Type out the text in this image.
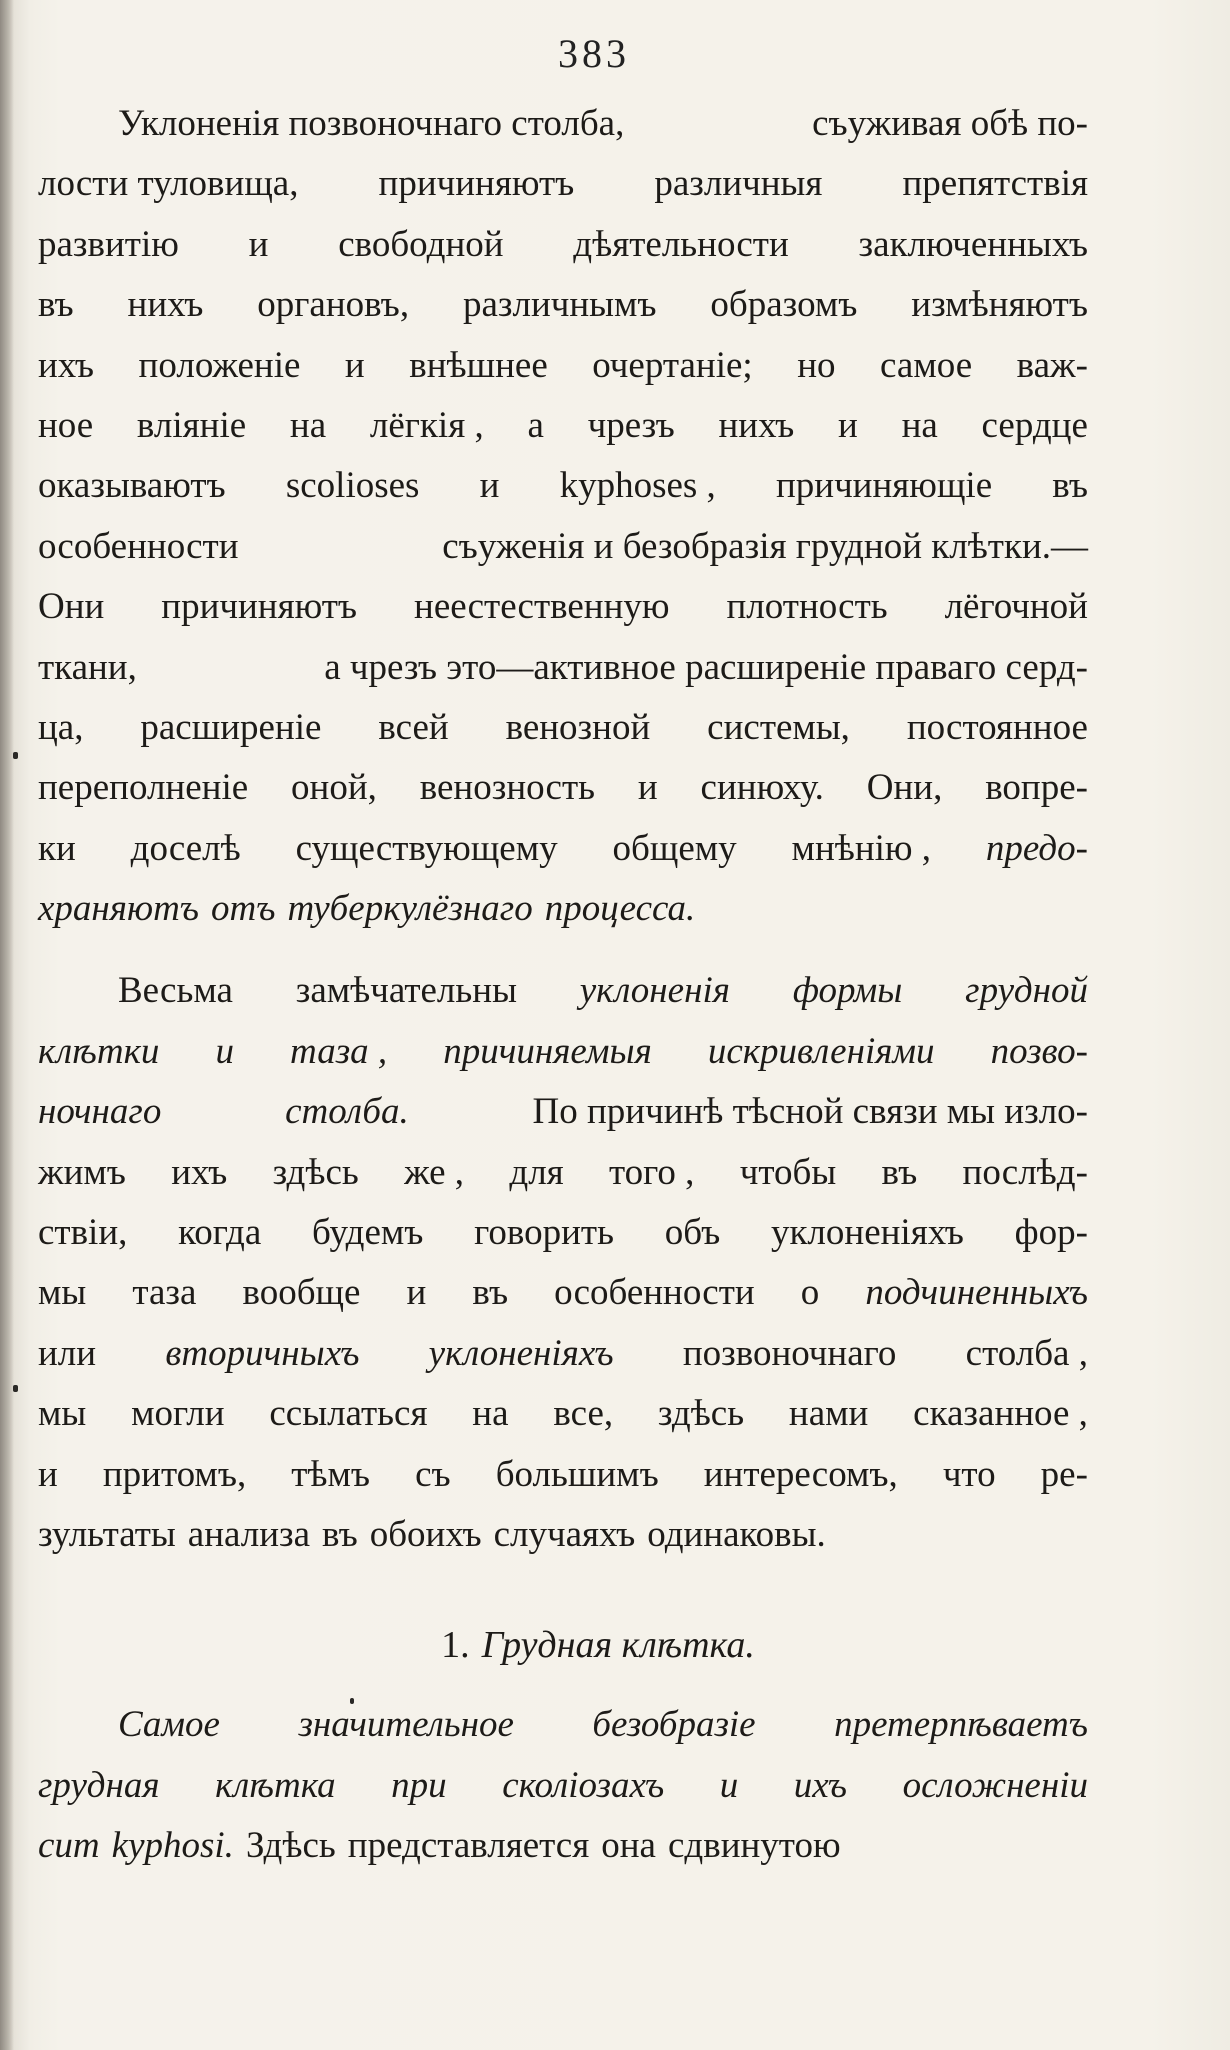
383
Уклоненія позвоночнаго столба,	съуживая обѣ по-
лости туловища, причиняютъ различныя препятствія
развитію и свободной дѣятельности заключенныхъ
въ нихъ органовъ, различнымъ образомъ измѣняютъ
ихъ положеніе и внѣшнее очертаніе; но самое важ-
ное вліяніе на лёгкія , а чрезъ нихъ и на сердце
оказываютъ scolioses и kyphoses , причиняющіе въ
особенности	съуженія и безобразія грудной клѣтки.—
Они причиняютъ неестественную плотность лёгочной
ткани,	а чрезъ это—активное расширеніе праваго серд-
ца, расширеніе всей венозной системы, постоянное
переполненіе оной, венозность и синюху. Они, вопре-
ки доселѣ существующему общему мнѣнію , предо-
храняютъ отъ туберкулёзнаго процесса.
Весьма замѣчательны уклоненія формы грудной
клѣтки и таза , причиняемыя искривленіями позво-
ночнаго	столба.	По причинѣ тѣсной связи мы изло-
жимъ ихъ здѣсь же , для того , чтобы въ послѣд-
ствіи, когда будемъ говорить объ уклоненіяхъ фор-
мы таза вообще и въ особенности о подчиненныхъ
или вторичныхъ уклоненіяхъ позвоночнаго столба ,
мы могли ссылаться на все, здѣсь нами сказанное ,
и притомъ, тѣмъ съ большимъ интересомъ, что ре-
зультаты анализа въ обоихъ случаяхъ одинаковы.
1. Грудная клѣтка.
Самое значительное безобразіе претерпѣваетъ
грудная клѣтка при сколіозахъ и ихъ осложненіи
cum kyphosi. Здѣсь представляется она сдвинутою
